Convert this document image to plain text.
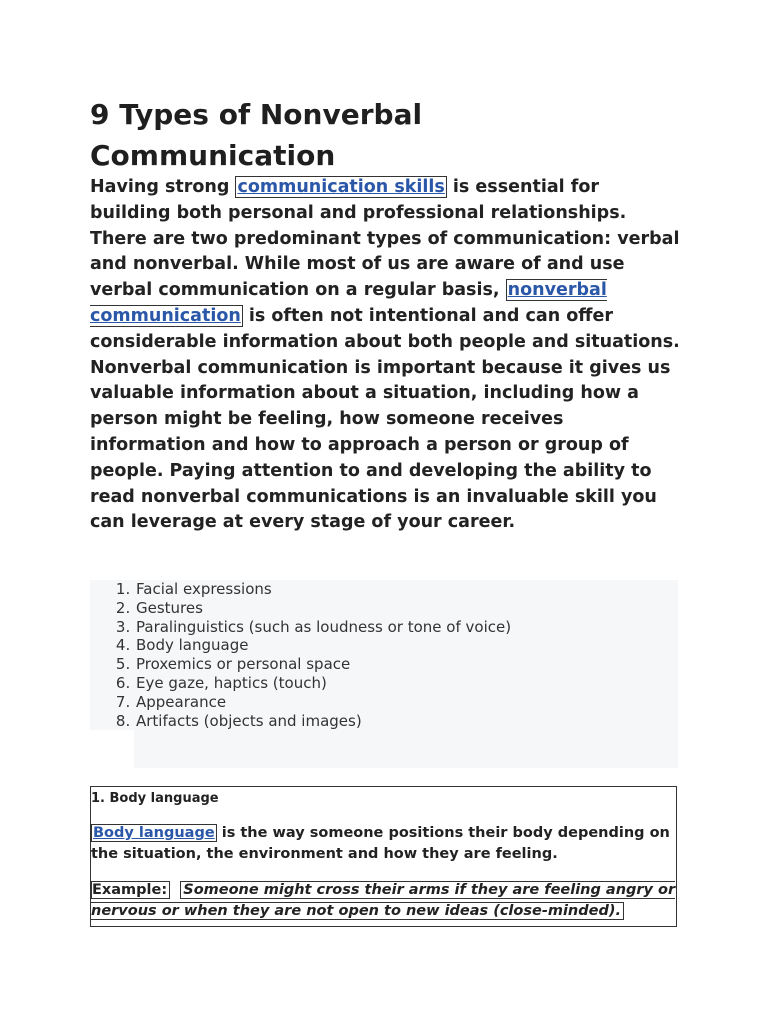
9 Types of Nonverbal Communication

Having strong communication skills is essential for building both personal and professional relationships. There are two predominant types of communication: verbal and nonverbal. While most of us are aware of and use verbal communication on a regular basis, nonverbal communication is often not intentional and can offer considerable information about both people and situations.

Nonverbal communication is important because it gives us valuable information about a situation, including how a person might be feeling, how someone receives information and how to approach a person or group of people. Paying attention to and developing the ability to read nonverbal communications is an invaluable skill you can leverage at every stage of your career.

1. Facial expressions
2. Gestures
3. Paralinguistics (such as loudness or tone of voice)
4. Body language
5. Proxemics or personal space
6. Eye gaze, haptics (touch)
7. Appearance
8. Artifacts (objects and images)
1. Body language
Body language is the way someone positions their body depending on the situation, the environment and how they are feeling.
Example: Someone might cross their arms if they are feeling angry or nervous or when they are not open to new ideas (close-minded).
